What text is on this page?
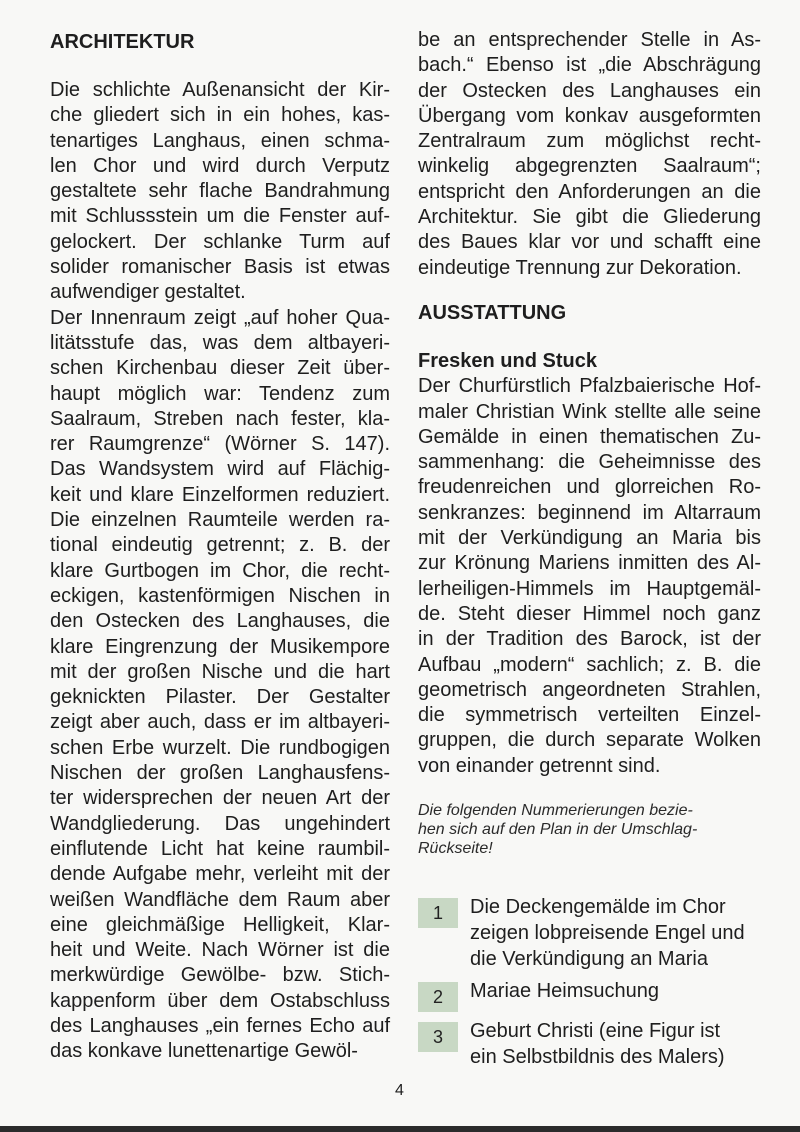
ARCHITEKTUR

Die schlichte Außenansicht der Kir-
che gliedert sich in ein hohes, kas-
tenartiges Langhaus, einen schma-
len Chor und wird durch Verputz
gestaltete sehr flache Bandrahmung
mit Schlussstein um die Fenster auf-
gelockert. Der schlanke Turm auf
solider romanischer Basis ist etwas
aufwendiger gestaltet.
Der Innenraum zeigt „auf hoher Qua-
litätsstufe das, was dem altbayeri-
schen Kirchenbau dieser Zeit über-
haupt möglich war: Tendenz zum
Saalraum, Streben nach fester, kla-
rer Raumgrenze“ (Wörner S. 147).
Das Wandsystem wird auf Flächig-
keit und klare Einzelformen reduziert.
Die einzelnen Raumteile werden ra-
tional eindeutig getrennt; z. B. der
klare Gurtbogen im Chor, die recht-
eckigen, kastenförmigen Nischen in
den Ostecken des Langhauses, die
klare Eingrenzung der Musikempore
mit der großen Nische und die hart
geknickten Pilaster. Der Gestalter
zeigt aber auch, dass er im altbayeri-
schen Erbe wurzelt. Die rundbogigen
Nischen der großen Langhausfens-
ter widersprechen der neuen Art der
Wandgliederung. Das ungehindert
einflutende Licht hat keine raumbil-
dende Aufgabe mehr, verleiht mit der
weißen Wandfläche dem Raum aber
eine gleichmäßige Helligkeit, Klar-
heit und Weite. Nach Wörner ist die
merkwürdige Gewölbe- bzw. Stich-
kappenform über dem Ostabschluss
des Langhauses „ein fernes Echo auf
das konkave lunettenartige Gewöl-

be an entsprechender Stelle in As-
bach.“ Ebenso ist „die Abschrägung
der Ostecken des Langhauses ein
Übergang vom konkav ausgeformten
Zentralraum zum möglichst recht-
winkelig abgegrenzten Saalraum“;
entspricht den Anforderungen an die
Architektur. Sie gibt die Gliederung
des Baues klar vor und schafft eine
eindeutige Trennung zur Dekoration.

AUSSTATTUNG
Fresken und Stuck

Der Churfürstlich Pfalzbaierische Hof-
maler Christian Wink stellte alle seine
Gemälde in einen thematischen Zu-
sammenhang: die Geheimnisse des
freudenreichen und glorreichen Ro-
senkranzes: beginnend im Altarraum
mit der Verkündigung an Maria bis
zur Krönung Mariens inmitten des Al-
lerheiligen-Himmels im Hauptgemäl-
de. Steht dieser Himmel noch ganz
in der Tradition des Barock, ist der
Aufbau „modern“ sachlich; z. B. die
geometrisch angeordneten Strahlen,
die symmetrisch verteilten Einzel-
gruppen, die durch separate Wolken
von einander getrennt sind.

Die folgenden Nummerierungen bezie-
hen sich auf den Plan in der Umschlag-
Rückseite!
1	Die Deckengemälde im Chor
zeigen lobpreisende Engel und
die Verkündigung an Maria
2	Mariae Heimsuchung
3	Geburt Christi (eine Figur ist
ein Selbstbildnis des Malers)
4
